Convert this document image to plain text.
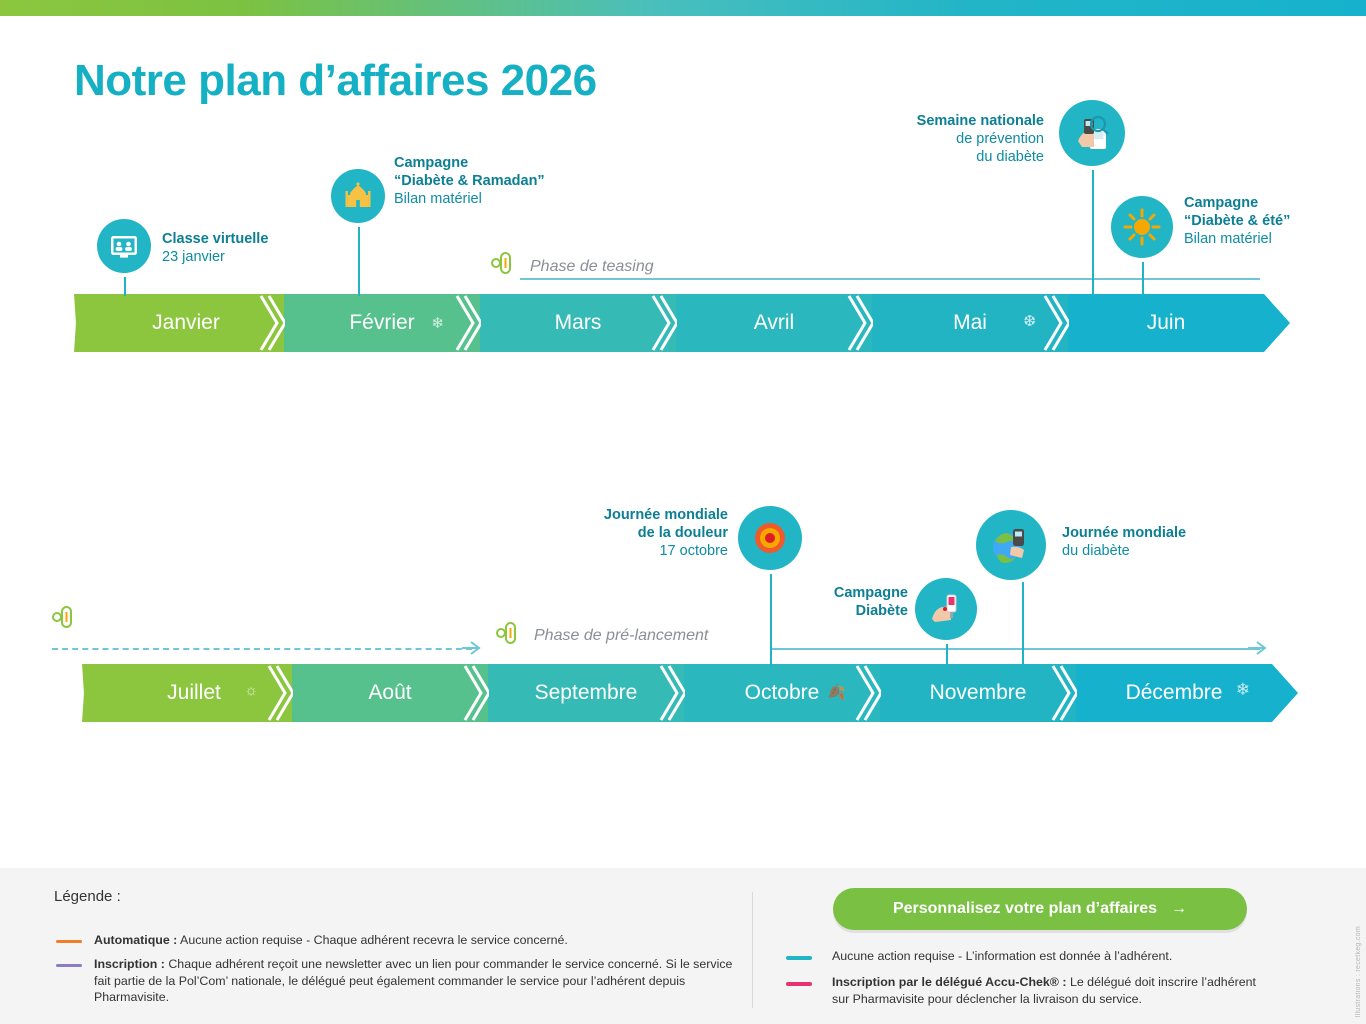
Notre plan d’affaires 2026
Janvier	Février ❄	Mars	Avril	Mai ❆	Juin
Phase de teasing
Classe virtuelle
23 janvier
Campagne
“Diabète & Ramadan”
Bilan matériel
Semaine nationale
de prévention
du diabète
Campagne
“Diabète & été”
Bilan matériel
Juillet ☼	Août	Septembre	Octobre 🍂	Novembre	Décembre ❄
Phase de pré-lancement
Journée mondiale
de la douleur
17 octobre
Campagne
Diabète
Journée mondiale
du diabète
Légende :
Automatique : Aucune action requise - Chaque adhérent recevra le service concerné.
Inscription : Chaque adhérent reçoit une newsletter avec un lien pour commander le service concerné. Si le service fait partie de la Pol’Com’ nationale, le délégué peut également commander le service pour l’adhérent depuis Pharmavisite.
Aucune action requise - L’information est donnée à l’adhérent.
Inscription par le délégué Accu-Chek® : Le délégué doit inscrire l’adhérent sur Pharmavisite pour déclencher la livraison du service.
Personnalisez votre plan d’affaires →
Illustrations : recetkeg.com
